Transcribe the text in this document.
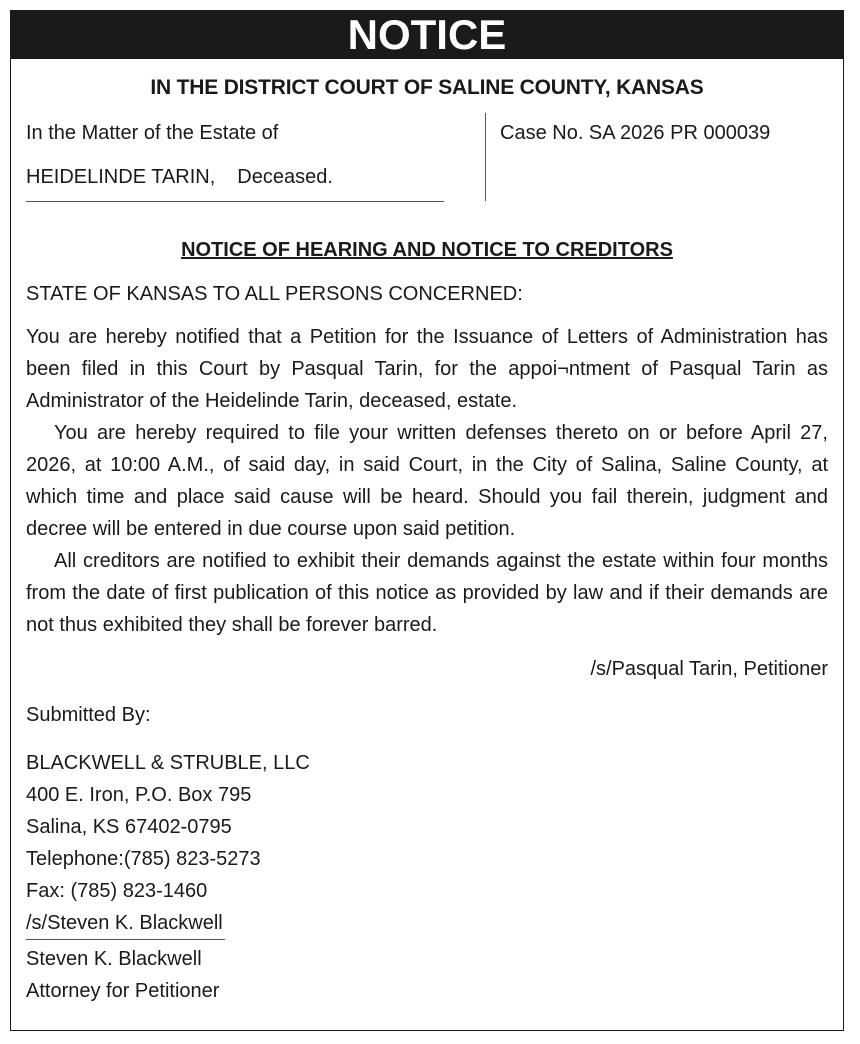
NOTICE
IN THE DISTRICT COURT OF SALINE COUNTY, KANSAS
In the Matter of the Estate of
HEIDELINDE TARIN, Deceased.
Case No. SA 2026 PR 000039
NOTICE OF HEARING AND NOTICE TO CREDITORS
STATE OF KANSAS TO ALL PERSONS CONCERNED:

You are hereby notified that a Petition for the Issuance of Letters of Administration has been filed in this Court by Pasqual Tarin, for the appoi¬ntment of Pasqual Tarin as Administrator of the Heidelinde Tarin, deceased, estate.

You are hereby required to file your written defenses thereto on or before April 27, 2026, at 10:00 A.M., of said day, in said Court, in the City of Salina, Saline County, at which time and place said cause will be heard. Should you fail therein, judgment and decree will be entered in due course upon said petition.

All creditors are notified to exhibit their demands against the estate within four months from the date of first publication of this notice as provided by law and if their demands are not thus exhibited they shall be forever barred.

/s/Pasqual Tarin, Petitioner
Submitted By:
BLACKWELL & STRUBLE, LLC
400 E. Iron, P.O. Box 795
Salina, KS 67402-0795
Telephone:(785) 823-5273
Fax: (785) 823-1460
/s/Steven K. Blackwell
Steven K. Blackwell
Attorney for Petitioner
